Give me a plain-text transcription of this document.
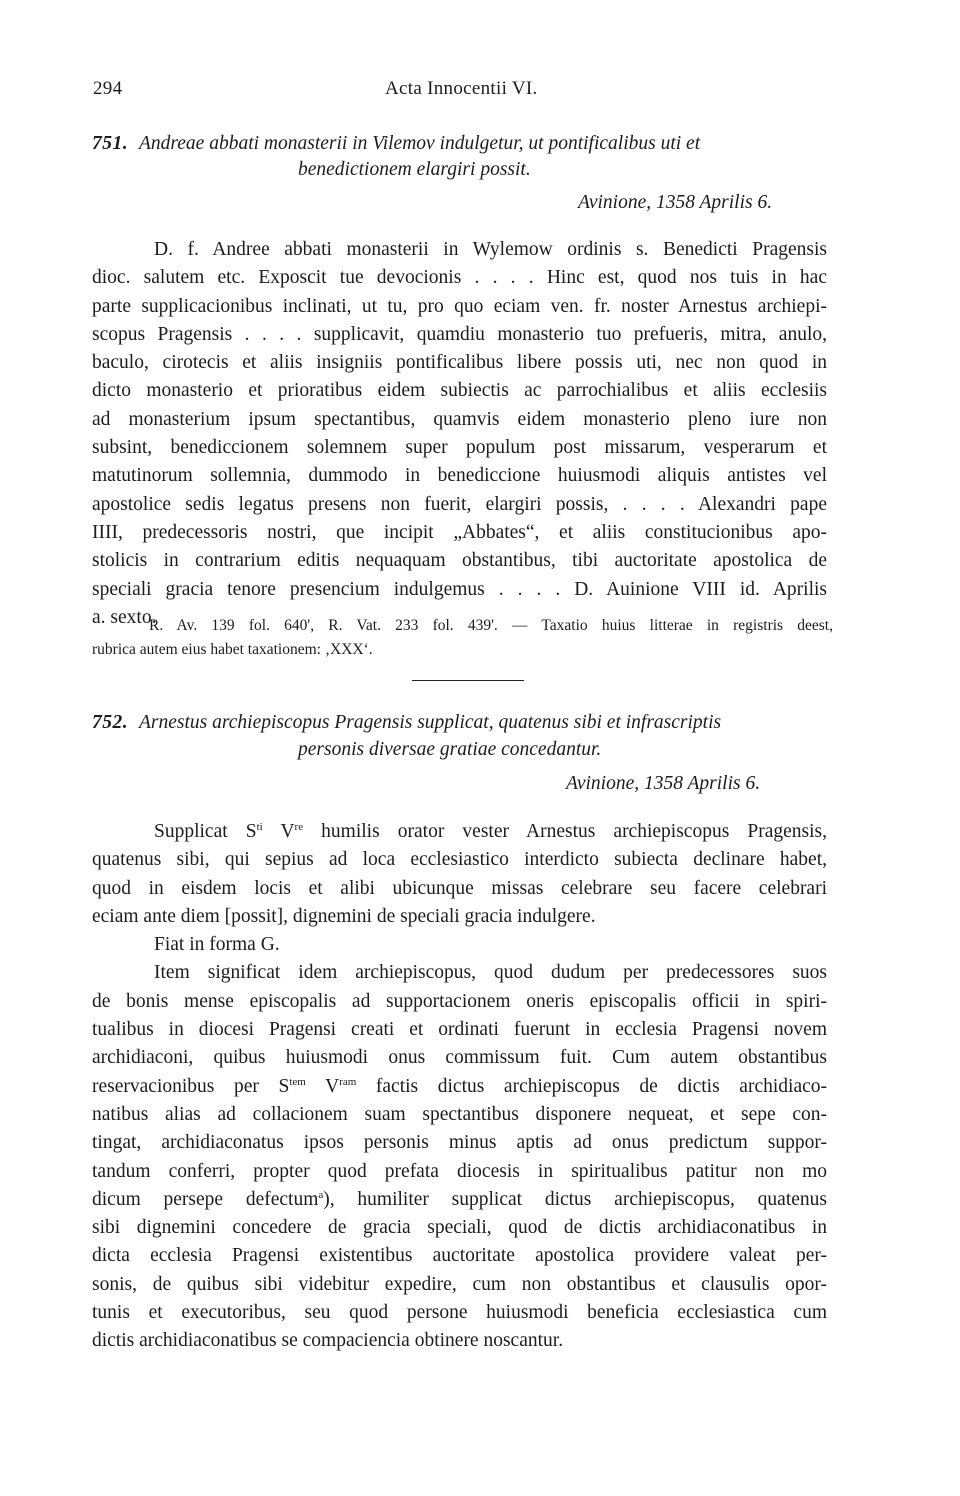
294	Acta Innocentii VI.
751. Andreae abbati monasterii in Vilemov indulgetur, ut pontificalibus uti et
benedictionem elargiri possit.
Avinione, 1358 Aprilis 6.
D. f. Andree abbati monasterii in Wylemow ordinis s. Benedicti Pragensis
dioc. salutem etc. Exposcit tue devocionis . . . . Hinc est, quod nos tuis in hac
parte supplicacionibus inclinati, ut tu, pro quo eciam ven. fr. noster Arnestus archiepi-
scopus Pragensis . . . . supplicavit, quamdiu monasterio tuo prefueris, mitra, anulo,
baculo, cirotecis et aliis insigniis pontificalibus libere possis uti, nec non quod in
dicto monasterio et prioratibus eidem subiectis ac parrochialibus et aliis ecclesiis
ad monasterium ipsum spectantibus, quamvis eidem monasterio pleno iure non
subsint, benediccionem solemnem super populum post missarum, vesperarum et
matutinorum sollemnia, dummodo in benediccione huiusmodi aliquis antistes vel
apostolice sedis legatus presens non fuerit, elargiri possis, . . . . Alexandri pape
IIII, predecessoris nostri, que incipit „Abbates“, et aliis constitucionibus apo-
stolicis in contrarium editis nequaquam obstantibus, tibi auctoritate apostolica de
speciali gracia tenore presencium indulgemus . . . . D. Auinione VIII id. Aprilis
a. sexto.
R. Av. 139 fol. 640', R. Vat. 233 fol. 439'. — Taxatio huius litterae in registris deest,
rubrica autem eius habet taxationem: ‚XXX‘.
752. Arnestus archiepiscopus Pragensis supplicat, quatenus sibi et infrascriptis
personis diversae gratiae concedantur.
Avinione, 1358 Aprilis 6.
Supplicat $S^{ti}$ Vre humilis orator vester Arnestus archiepiscopus Pragensis,
quatenus sibi, qui sepius ad loca ecclesiastico interdicto subiecta declinare habet,
quod in eisdem locis et alibi ubicunque missas celebrare seu facere celebrari
eciam ante diem [possit], dignemini de speciali gracia indulgere.
Fiat in forma G.
Item significat idem archiepiscopus, quod dudum per predecessores suos
de bonis mense episcopalis ad supportacionem oneris episcopalis officii in spiri-
tualibus in diocesi Pragensi creati et ordinati fuerunt in ecclesia Pragensi novem
archidiaconi, quibus huiusmodi onus commissum fuit. Cum autem obstantibus
reservacionibus per $S^{tem}$ $V^{ram}$ factis dictus archiepiscopus de dictis archidiaco-
natibus alias ad collacionem suam spectantibus disponere nequeat, et sepe con-
tingat, archidiaconatus ipsos personis minus aptis ad onus predictum suppor-
tandum conferri, propter quod prefata diocesis in spiritualibus patitur non mo
dicum persepe defectum$^a$), humiliter supplicat dictus archiepiscopus, quatenus
sibi dignemini concedere de gracia speciali, quod de dictis archidiaconatibus in
dicta ecclesia Pragensi existentibus auctoritate apostolica providere valeat per-
sonis, de quibus sibi videbitur expedire, cum non obstantibus et clausulis opor-
tunis et executoribus, seu quod persone huiusmodi beneficia ecclesiastica cum
dictis archidiaconatibus se compaciencia obtinere noscantur.
